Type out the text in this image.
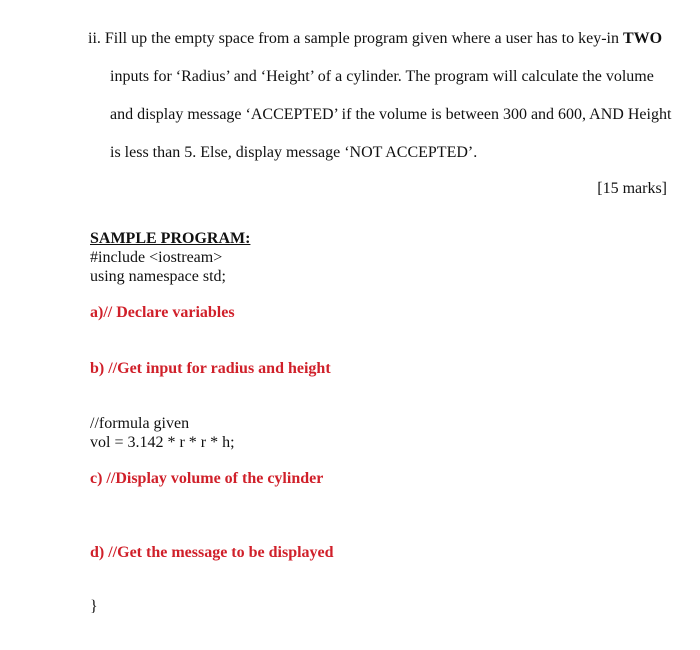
ii. Fill up the empty space from a sample program given where a user has to key-in TWO
inputs for ‘Radius’ and ‘Height’ of a cylinder. The program will calculate the volume
and display message ‘ACCEPTED’ if the volume is between 300 and 600, AND Height
is less than 5. Else, display message ‘NOT ACCEPTED’.
[15 marks]
SAMPLE PROGRAM:
#include <iostream>
using namespace std;
a)// Declare variables
b) //Get input for radius and height
//formula given
vol = 3.142 * r * r * h;
c) //Display volume of the cylinder
d) //Get the message to be displayed
}
